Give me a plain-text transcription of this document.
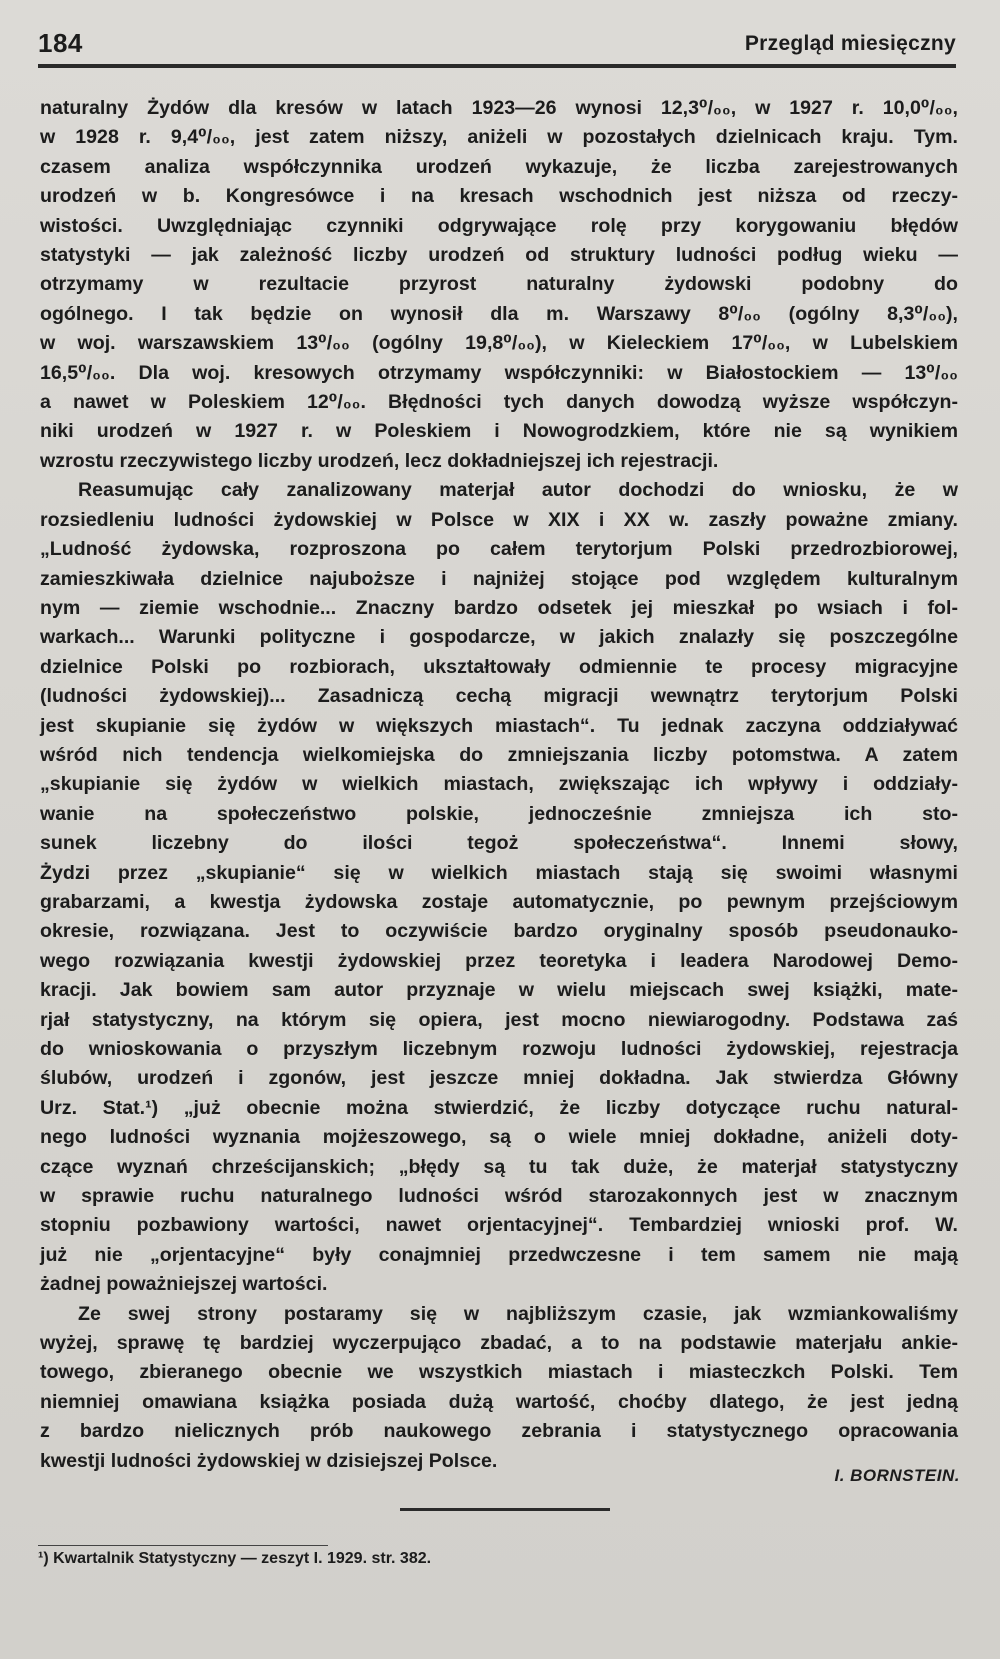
184	Przegląd miesięczny

naturalny Żydów dla kresów w latach 1923—26 wynosi 12,3⁰/₀₀, w 1927 r. 10,0⁰/₀₀,

w 1928 r. 9,4⁰/₀₀, jest zatem niższy, aniżeli w pozostałych dzielnicach kraju. Tym.

czasem analiza współczynnika urodzeń wykazuje, że liczba zarejestrowanych

urodzeń w b. Kongresówce i na kresach wschodnich jest niższa od rzeczy-

wistości. Uwzględniając czynniki odgrywające rolę przy korygowaniu błędów

statystyki — jak zależność liczby urodzeń od struktury ludności podług wieku —

otrzymamy w rezultacie przyrost naturalny żydowski podobny do

ogólnego. I tak będzie on wynosił dla m. Warszawy 8⁰/₀₀ (ogólny 8,3⁰/₀₀),

w woj. warszawskiem 13⁰/₀₀ (ogólny 19,8⁰/₀₀), w Kieleckiem 17⁰/₀₀, w Lubelskiem

16,5⁰/₀₀. Dla woj. kresowych otrzymamy współczynniki: w Białostockiem — 13⁰/₀₀

a nawet w Poleskiem 12⁰/₀₀. Błędności tych danych dowodzą wyższe współczyn-

niki urodzeń w 1927 r. w Poleskiem i Nowogrodzkiem, które nie są wynikiem

wzrostu rzeczywistego liczby urodzeń, lecz dokładniejszej ich rejestracji.

Reasumując cały zanalizowany materjał autor dochodzi do wniosku, że w

rozsiedleniu ludności żydowskiej w Polsce w XIX i XX w. zaszły poważne zmiany.

„Ludność żydowska, rozproszona po całem terytorjum Polski przedrozbiorowej,

zamieszkiwała dzielnice najuboższe i najniżej stojące pod względem kulturalnym

nym — ziemie wschodnie... Znaczny bardzo odsetek jej mieszkał po wsiach i fol-

warkach... Warunki polityczne i gospodarcze, w jakich znalazły się poszczególne

dzielnice Polski po rozbiorach, ukształtowały odmiennie te procesy migracyjne

(ludności żydowskiej)... Zasadniczą cechą migracji wewnątrz terytorjum Polski

jest skupianie się żydów w większych miastach“. Tu jednak zaczyna oddziaływać

wśród nich tendencja wielkomiejska do zmniejszania liczby potomstwa. A zatem

„skupianie się żydów w wielkich miastach, zwiększając ich wpływy i oddziały-

wanie na społeczeństwo polskie, jednocześnie zmniejsza ich sto-

sunek liczebny do ilości tegoż społeczeństwa“. Innemi słowy,

Żydzi przez „skupianie“ się w wielkich miastach stają się swoimi własnymi

grabarzami, a kwestja żydowska zostaje automatycznie, po pewnym przejściowym

okresie, rozwiązana. Jest to oczywiście bardzo oryginalny sposób pseudonauko-

wego rozwiązania kwestji żydowskiej przez teoretyka i leadera Narodowej Demo-

kracji. Jak bowiem sam autor przyznaje w wielu miejscach swej książki, mate-

rjał statystyczny, na którym się opiera, jest mocno niewiarogodny. Podstawa zaś

do wnioskowania o przyszłym liczebnym rozwoju ludności żydowskiej, rejestracja

ślubów, urodzeń i zgonów, jest jeszcze mniej dokładna. Jak stwierdza Główny

Urz. Stat.¹) „już obecnie można stwierdzić, że liczby dotyczące ruchu natural-

nego ludności wyznania mojżeszowego, są o wiele mniej dokładne, aniżeli doty-

czące wyznań chrześcijanskich; „błędy są tu tak duże, że materjał statystyczny

w sprawie ruchu naturalnego ludności wśród starozakonnych jest w znacznym

stopniu pozbawiony wartości, nawet orjentacyjnej“. Tembardziej wnioski prof. W.

już nie „orjentacyjne“ były conajmniej przedwczesne i tem samem nie mają

żadnej poważniejszej wartości.

Ze swej strony postaramy się w najbliższym czasie, jak wzmiankowaliśmy

wyżej, sprawę tę bardziej wyczerpująco zbadać, a to na podstawie materjału ankie-

towego, zbieranego obecnie we wszystkich miastach i miasteczkch Polski. Tem

niemniej omawiana książka posiada dużą wartość, choćby dlatego, że jest jedną

z bardzo nielicznych prób naukowego zebrania i statystycznego opracowania

kwestji ludności żydowskiej w dzisiejszej Polsce.

I. BORNSTEIN.
¹) Kwartalnik Statystyczny — zeszyt I. 1929. str. 382.
